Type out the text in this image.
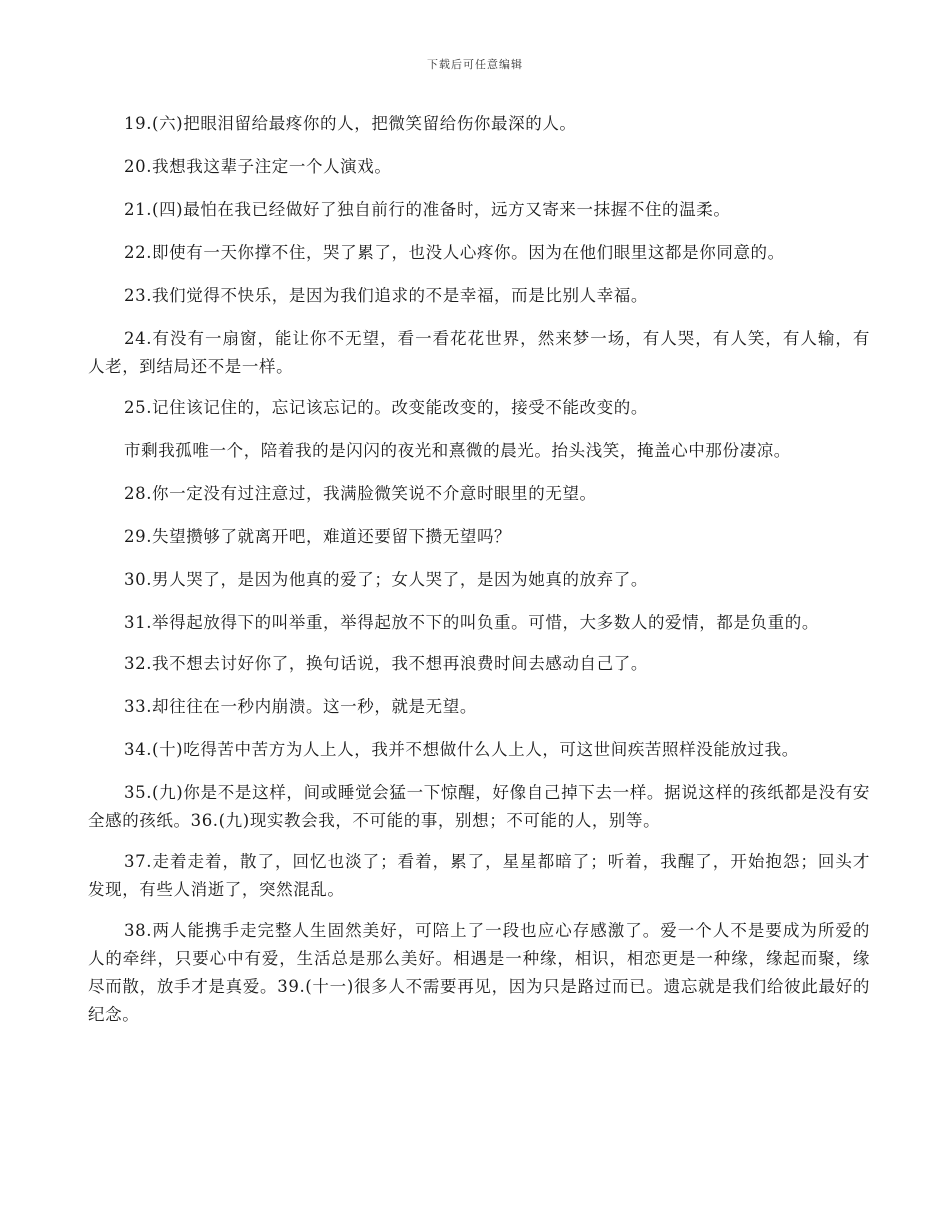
下载后可任意编辑

19.(六)把眼泪留给最疼你的人，把微笑留给伤你最深的人。

20.我想我这辈子注定一个人演戏。

21.(四)最怕在我已经做好了独自前行的准备时，远方又寄来一抹握不住的温柔。

22.即使有一天你撑不住，哭了累了，也没人心疼你。因为在他们眼里这都是你同意的。

23.我们觉得不快乐，是因为我们追求的不是幸福，而是比别人幸福。

24.有没有一扇窗，能让你不无望，看一看花花世界，然来梦一场，有人哭，有人笑，有人输，有人老，到结局还不是一样。

25.记住该记住的，忘记该忘记的。改变能改变的，接受不能改变的。

市剩我孤唯一个，陪着我的是闪闪的夜光和熹微的晨光。抬头浅笑，掩盖心中那份凄凉。

28.你一定没有过注意过，我满脸微笑说不介意时眼里的无望。

29.失望攒够了就离开吧，难道还要留下攒无望吗？

30.男人哭了，是因为他真的爱了；女人哭了，是因为她真的放弃了。

31.举得起放得下的叫举重，举得起放不下的叫负重。可惜，大多数人的爱情，都是负重的。

32.我不想去讨好你了，换句话说，我不想再浪费时间去感动自己了。

33.却往往在一秒内崩溃。这一秒，就是无望。

34.(十)吃得苦中苦方为人上人，我并不想做什么人上人，可这世间疾苦照样没能放过我。

35.(九)你是不是这样，间或睡觉会猛一下惊醒，好像自己掉下去一样。据说这样的孩纸都是没有安全感的孩纸。36.(九)现实教会我，不可能的事，别想；不可能的人，别等。

37.走着走着，散了，回忆也淡了；看着，累了，星星都暗了；听着，我醒了，开始抱怨；回头才发现，有些人消逝了，突然混乱。

38.两人能携手走完整人生固然美好，可陪上了一段也应心存感激了。爱一个人不是要成为所爱的人的牵绊，只要心中有爱，生活总是那么美好。相遇是一种缘，相识，相恋更是一种缘，缘起而聚，缘尽而散，放手才是真爱。39.(十一)很多人不需要再见，因为只是路过而已。遗忘就是我们给彼此最好的纪念。
